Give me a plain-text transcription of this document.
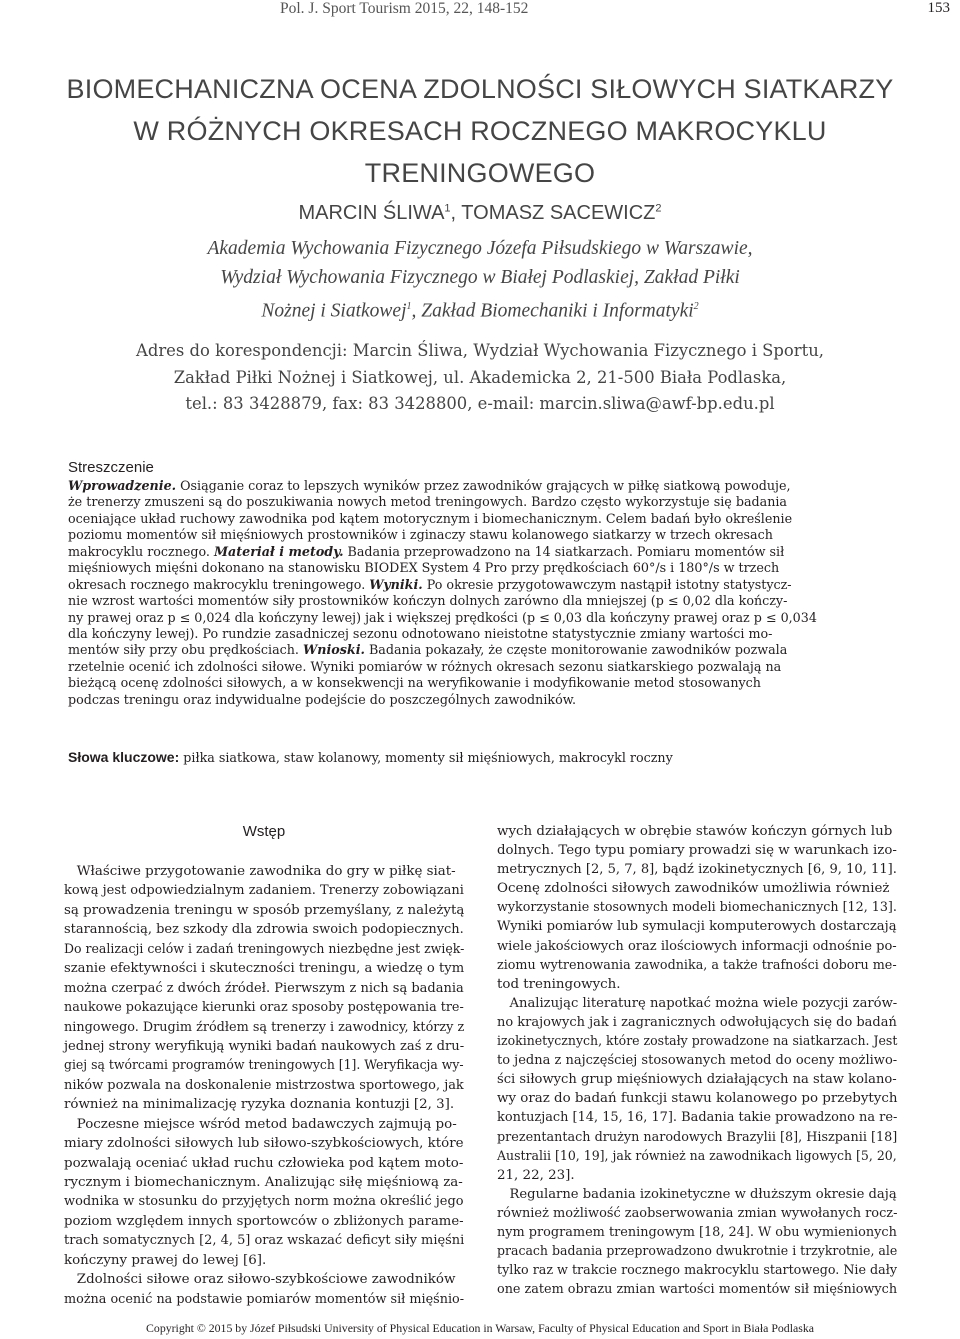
Pol. J. Sport Tourism 2015, 22, 148-152	153
BIOMECHANICZNA OCENA ZDOLNOŚCI SIŁOWYCH SIATKARZY
W RÓŻNYCH OKRESACH ROCZNEGO MAKROCYKLU
TRENINGOWEGO
MARCIN ŚLIWA$^1$, TOMASZ SACEWICZ$^2$
Akademia Wychowania Fizycznego Józefa Piłsudskiego w Warszawie,
Wydział Wychowania Fizycznego w Białej Podlaskiej, Zakład Piłki
Nożnej i Siatkowej$^1$, Zakład Biomechaniki i Informatyki$^2$
Adres do korespondencji: Marcin Śliwa, Wydział Wychowania Fizycznego i Sportu,
Zakład Piłki Nożnej i Siatkowej, ul. Akademicka 2, 21-500 Biała Podlaska,
tel.: 83 3428879, fax: 83 3428800, e-mail: marcin.sliwa@awf-bp.edu.pl
Streszczenie
Wprowadzenie. Osiąganie coraz to lepszych wyników przez zawodników grających w piłkę siatkową powoduje,
że trenerzy zmuszeni są do poszukiwania nowych metod treningowych. Bardzo często wykorzystuje się badania
oceniające układ ruchowy zawodnika pod kątem motorycznym i biomechanicznym. Celem badań było określenie
poziomu momentów sił mięśniowych prostowników i zginaczy stawu kolanowego siatkarzy w trzech okresach
makrocyklu rocznego. Materiał i metody. Badania przeprowadzono na 14 siatkarzach. Pomiaru momentów sił
mięśniowych mięśni dokonano na stanowisku BIODEX System 4 Pro przy prędkościach 60°/s i 180°/s w trzech
okresach rocznego makrocyklu treningowego. Wyniki. Po okresie przygotowawczym nastąpił istotny statystycz-
nie wzrost wartości momentów siły prostowników kończyn dolnych zarówno dla mniejszej (p ≤ 0,02 dla kończy-
ny prawej oraz p ≤ 0,024 dla kończyny lewej) jak i większej prędkości (p ≤ 0,03 dla kończyny prawej oraz p ≤ 0,034
dla kończyny lewej). Po rundzie zasadniczej sezonu odnotowano nieistotne statystycznie zmiany wartości mo-
mentów siły przy obu prędkościach. Wnioski. Badania pokazały, że częste monitorowanie zawodników pozwala
rzetelnie ocenić ich zdolności siłowe. Wyniki pomiarów w różnych okresach sezonu siatkarskiego pozwalają na
bieżącą ocenę zdolności siłowych, a w konsekwencji na weryfikowanie i modyfikowanie metod stosowanych
podczas treningu oraz indywidualne podejście do poszczególnych zawodników.
Słowa kluczowe: piłka siatkowa, staw kolanowy, momenty sił mięśniowych, makrocykl roczny
Wstęp
Właściwe przygotowanie zawodnika do gry w piłkę siat-
kową jest odpowiedzialnym zadaniem. Trenerzy zobowiązani
są prowadzenia treningu w sposób przemyślany, z należytą
starannością, bez szkody dla zdrowia swoich podopiecznych.
Do realizacji celów i zadań treningowych niezbędne jest zwięk-
szanie efektywności i skuteczności treningu, a wiedzę o tym
można czerpać z dwóch źródeł. Pierwszym z nich są badania
naukowe pokazujące kierunki oraz sposoby postępowania tre-
ningowego. Drugim źródłem są trenerzy i zawodnicy, którzy z
jednej strony weryfikują wyniki badań naukowych zaś z dru-
giej są twórcami programów treningowych [1]. Weryfikacja wy-
ników pozwala na doskonalenie mistrzostwa sportowego, jak
również na minimalizację ryzyka doznania kontuzji [2, 3].
Poczesne miejsce wśród metod badawczych zajmują po-
miary zdolności siłowych lub siłowo-szybkościowych, które
pozwalają oceniać układ ruchu człowieka pod kątem moto-
rycznym i biomechanicznym. Analizując siłę mięśniową za-
wodnika w stosunku do przyjętych norm można określić jego
poziom względem innych sportowców o zbliżonych parame-
trach somatycznych [2, 4, 5] oraz wskazać deficyt siły mięśni
kończyny prawej do lewej [6].
Zdolności siłowe oraz siłowo-szybkościowe zawodników
można ocenić na podstawie pomiarów momentów sił mięśnio-
wych działających w obrębie stawów kończyn górnych lub
dolnych. Tego typu pomiary prowadzi się w warunkach izo-
metrycznych [2, 5, 7, 8], bądź izokinetycznych [6, 9, 10, 11].
Ocenę zdolności siłowych zawodników umożliwia również
wykorzystanie stosownych modeli biomechanicznych [12, 13].
Wyniki pomiarów lub symulacji komputerowych dostarczają
wiele jakościowych oraz ilościowych informacji odnośnie po-
ziomu wytrenowania zawodnika, a także trafności doboru me-
tod treningowych.
Analizując literaturę napotkać można wiele pozycji zarów-
no krajowych jak i zagranicznych odwołujących się do badań
izokinetycznych, które zostały prowadzone na siatkarzach. Jest
to jedna z najczęściej stosowanych metod do oceny możliwo-
ści siłowych grup mięśniowych działających na staw kolano-
wy oraz do badań funkcji stawu kolanowego po przebytych
kontuzjach [14, 15, 16, 17]. Badania takie prowadzono na re-
prezentantach drużyn narodowych Brazylii [8], Hiszpanii [18]
Australii [10, 19], jak również na zawodnikach ligowych [5, 20,
21, 22, 23].
Regularne badania izokinetyczne w dłuższym okresie dają
również możliwość zaobserwowania zmian wywołanych rocz-
nym programem treningowym [18, 24]. W obu wymienionych
pracach badania przeprowadzono dwukrotnie i trzykrotnie, ale
tylko raz w trakcie rocznego makrocyklu startowego. Nie dały
one zatem obrazu zmian wartości momentów sił mięśniowych
Copyright © 2015 by Józef Piłsudski University of Physical Education in Warsaw, Faculty of Physical Education and Sport in Biała Podlaska
